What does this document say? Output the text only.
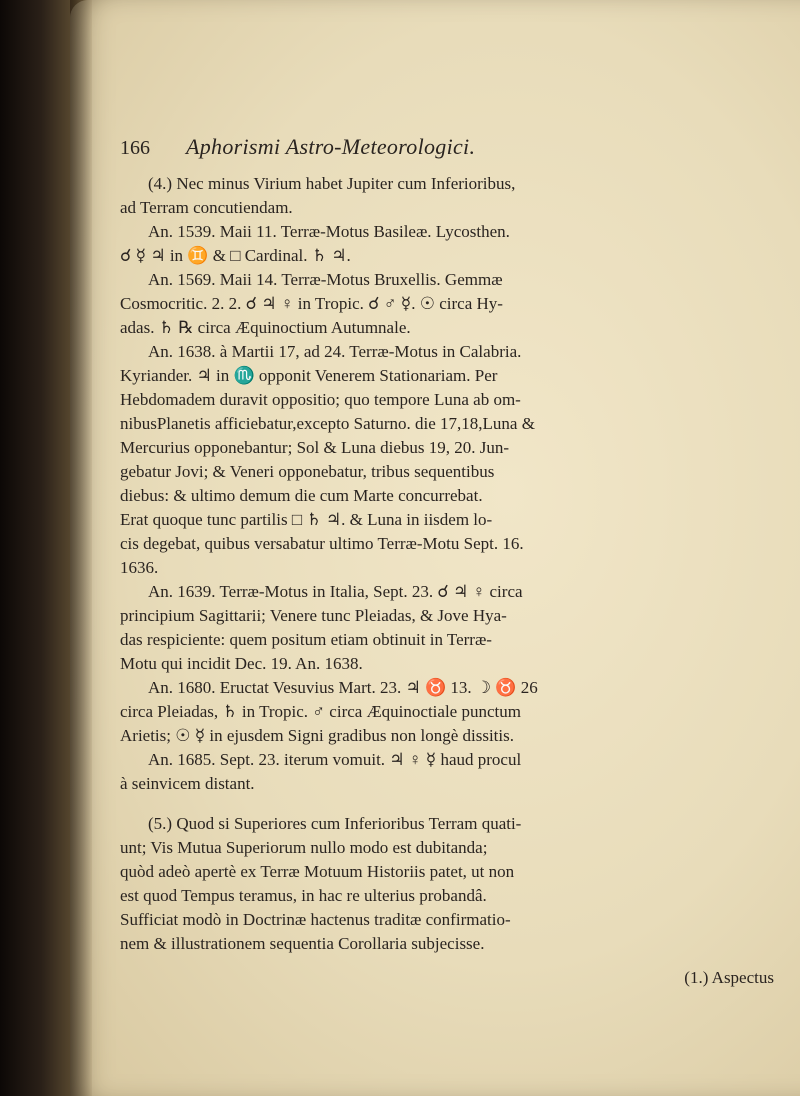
166 Aphorismi Astro-Meteorologici.

(4.) Nec minus Virium habet Jupiter cum Inferioribus,

ad Terram concutiendam.

An. 1539. Maii 11. Terræ-Motus Basileæ. Lycosthen.

☌ ☿ ♃ in ♊ & □ Cardinal. ♄ ♃.

An. 1569. Maii 14. Terræ-Motus Bruxellis. Gemmæ

Cosmocritic. 2. 2. ☌ ♃ ♀ in Tropic. ☌ ♂ ☿. ☉ circa Hy-

adas. ♄ ℞ circa Æquinoctium Autumnale.

An. 1638. à Martii 17, ad 24. Terræ-Motus in Calabria.

Kyriander. ♃ in ♏ opponit Venerem Stationariam. Per

Hebdomadem duravit oppositio; quo tempore Luna ab om-

nibusPlanetis afficiebatur,excepto Saturno. die 17,18,Luna &

Mercurius opponebantur; Sol & Luna diebus 19, 20. Jun-

gebatur Jovi; & Veneri opponebatur, tribus sequentibus

diebus: & ultimo demum die cum Marte concurrebat.

Erat quoque tunc partilis □ ♄ ♃. & Luna in iisdem lo-

cis degebat, quibus versabatur ultimo Terræ-Motu Sept. 16.

1636.

An. 1639. Terræ-Motus in Italia, Sept. 23. ☌ ♃ ♀ circa

principium Sagittarii; Venere tunc Pleiadas, & Jove Hya-

das respiciente: quem positum etiam obtinuit in Terræ-

Motu qui incidit Dec. 19. An. 1638.

An. 1680. Eructat Vesuvius Mart. 23. ♃ ♉ 13. ☽ ♉ 26

circa Pleiadas, ♄ in Tropic. ♂ circa Æquinoctiale punctum

Arietis; ☉ ☿ in ejusdem Signi gradibus non longè dissitis.

An. 1685. Sept. 23. iterum vomuit. ♃ ♀ ☿ haud procul

à seinvicem distant.

(5.) Quod si Superiores cum Inferioribus Terram quati-

unt; Vis Mutua Superiorum nullo modo est dubitanda;

quòd adeò apertè ex Terræ Motuum Historiis patet, ut non

est quod Tempus teramus, in hac re ulterius probandâ.

Sufficiat modò in Doctrinæ hactenus traditæ confirmatio-

nem & illustrationem sequentia Corollaria subjecisse.

(1.) Aspectus
